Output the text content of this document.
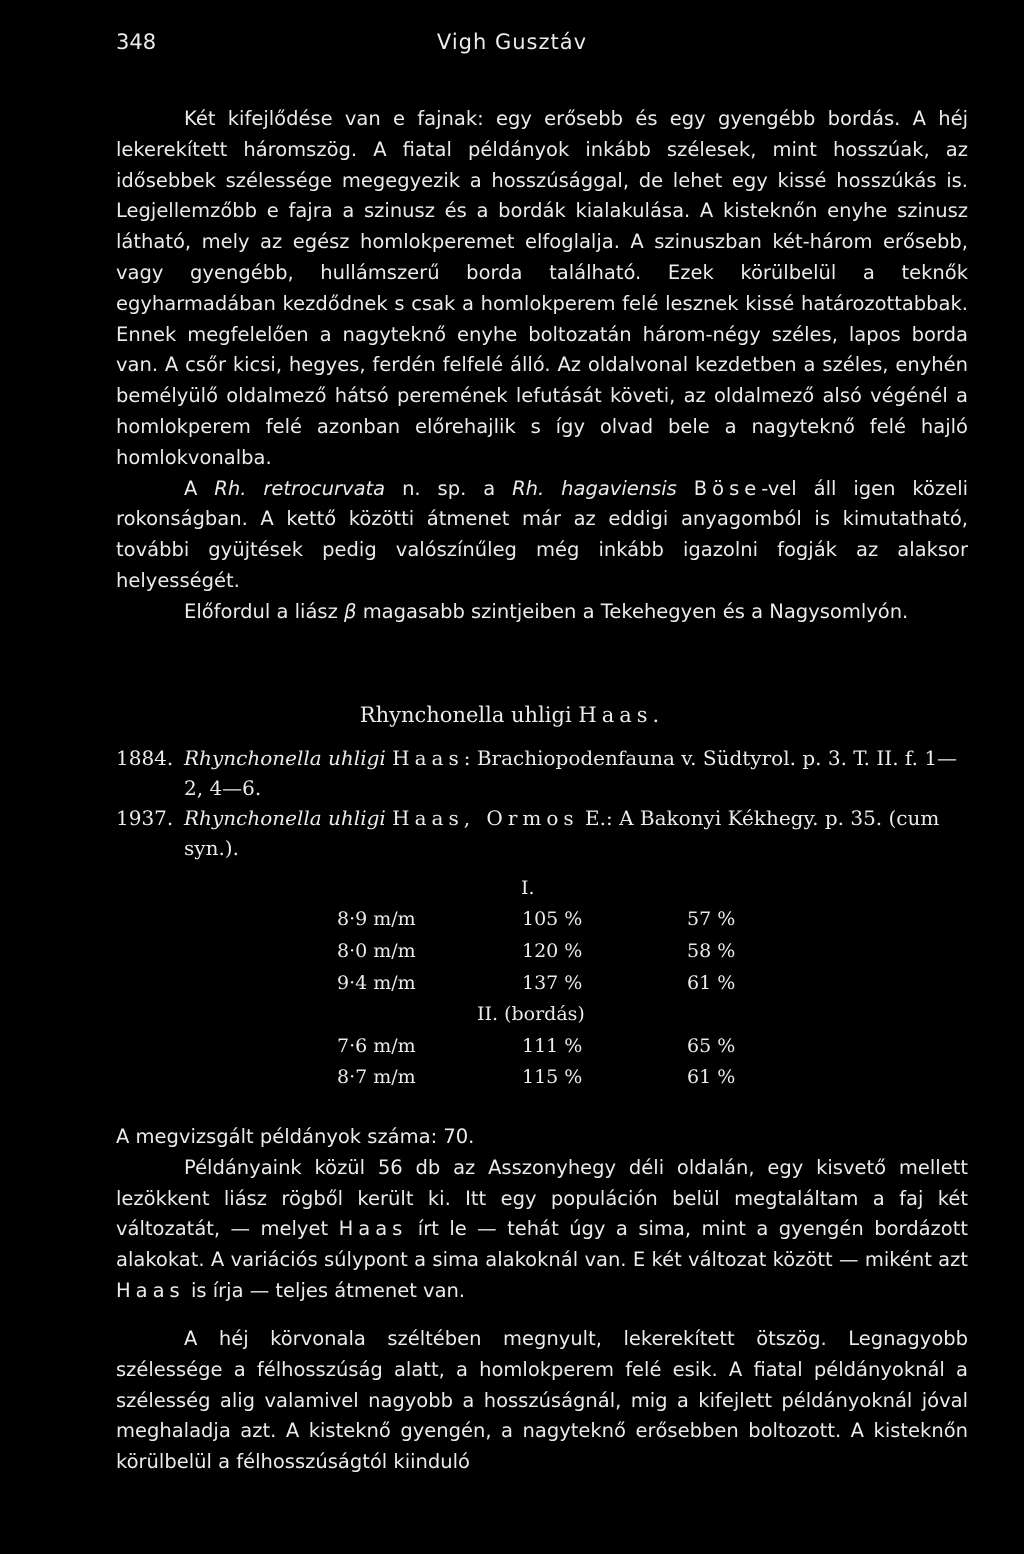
348	Vigh Gusztáv

Két kifejlődése van e fajnak: egy erősebb és egy gyengébb bordás. A héj lekerekített háromszög. A fiatal példányok inkább szélesek, mint hosszúak, az idősebbek szélessége megegyezik a hosszúsággal, de lehet egy kissé hosszúkás is. Legjellemzőbb e fajra a szinusz és a bordák kialakulása. A kisteknőn enyhe szinusz látható, mely az egész homlokperemet elfoglalja. A szinuszban két-három erősebb, vagy gyengébb, hullámszerű borda található. Ezek körülbelül a teknők egyharmadában kezdődnek s csak a homlokperem felé lesznek kissé határozottabbak. Ennek megfelelően a nagyteknő enyhe boltozatán három-négy széles, lapos borda van. A csőr kicsi, hegyes, ferdén felfelé álló. Az oldalvonal kezdetben a széles, enyhén bemélyülő oldalmező hátsó peremének lefutását követi, az oldalmező alsó végénél a homlokperem felé azonban előrehajlik s így olvad bele a nagyteknő felé hajló homlokvonalba.

A Rh. retrocurvata n. sp. a Rh. hagaviensis Böse-vel áll igen közeli rokonságban. A kettő közötti átmenet már az eddigi anyagomból is kimutatható, további gyüjtések pedig valószínűleg még inkább igazolni fogják az alaksor helyességét.

Előfordul a liász β magasabb szintjeiben a Tekehegyen és a Nagysomlyón.

Rhynchonella uhligi Haas.
1884. Rhynchonella uhligi Haas: Brachiopodenfauna v. Südtyrol. p. 3. T. II. f. 1—2, 4—6.
1937. Rhynchonella uhligi Haas, Ormos E.: A Bakonyi Kékhegy. p. 35. (cum syn.).
I.		
8·9 m/m	105 %	57 %
8·0 m/m	120 %	58 %
9·4 m/m	137 %	61 %
II. (bordás)		
7·6 m/m	111 %	65 %
8·7 m/m	115 %	61 %

A megvizsgált példányok száma: 70.

Példányaink közül 56 db az Asszonyhegy déli oldalán, egy kisvető mellett lezökkent liász rögből került ki. Itt egy populáción belül megtaláltam a faj két változatát, — melyet Haas írt le — tehát úgy a sima, mint a gyengén bordázott alakokat. A variációs súlypont a sima alakoknál van. E két változat között — miként azt Haas is írja — teljes átmenet van.

A héj körvonala széltében megnyult, lekerekített ötszög. Legnagyobb szélessége a félhosszúság alatt, a homlokperem felé esik. A fiatal példányoknál a szélesség alig valamivel nagyobb a hosszúságnál, mig a kifejlett példányoknál jóval meghaladja azt. A kisteknő gyengén, a nagyteknő erősebben boltozott. A kisteknőn körülbelül a félhosszúságtól kiinduló
